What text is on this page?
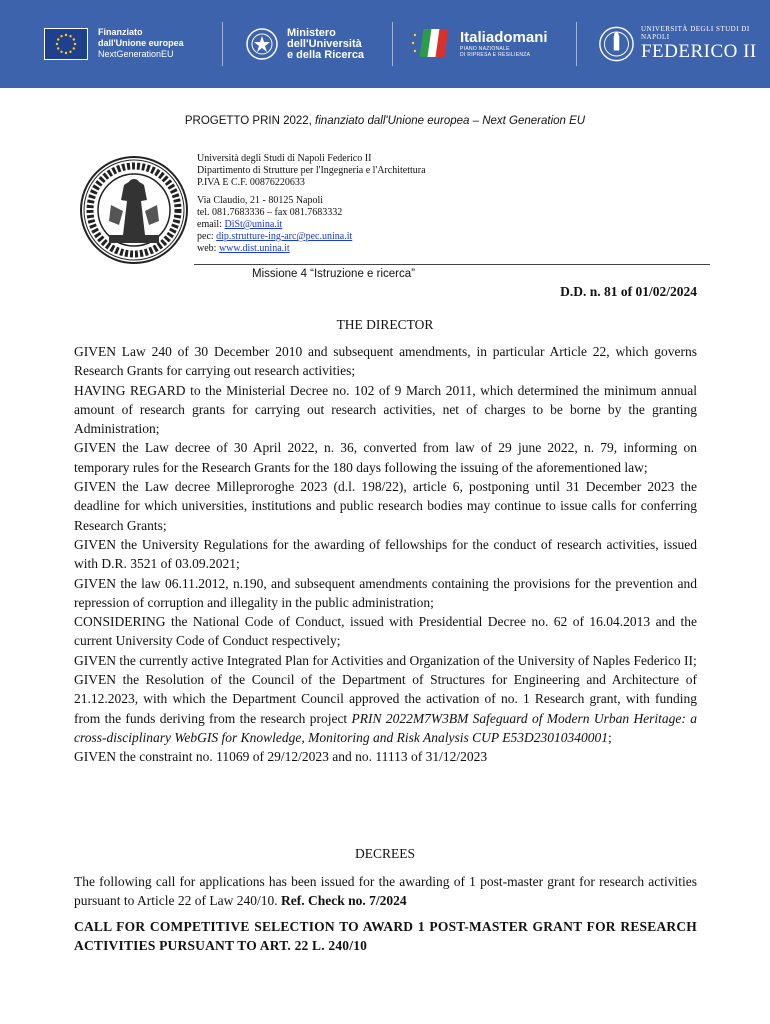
Finanziato
dall'Unione europea
NextGenerationEU
Ministero
dell'Università
e della Ricerca
Italiadomani
PIANO NAZIONALE
DI RIPRESA E RESILIENZA
UNIVERSITÀ DEGLI STUDI DI NAPOLI
FEDERICO II
PROGETTO PRIN 2022, finanziato dall'Unione europea – Next Generation EU
Università degli Studi di Napoli Federico II
Dipartimento di Strutture per l'Ingegneria e l'Architettura
P.IVA E C.F. 00876220633
Via Claudio, 21 - 80125 Napoli
tel. 081.7683336 – fax 081.7683332
email: DiSt@unina.it
pec: dip.strutture-ing-arc@pec.unina.it
web: www.dist.unina.it
Missione 4 “Istruzione e ricerca”
D.D. n. 81 of 01/02/2024
THE DIRECTOR

GIVEN Law 240 of 30 December 2010 and subsequent amendments, in particular Article 22, which governs Research Grants for carrying out research activities;

HAVING REGARD to the Ministerial Decree no. 102 of 9 March 2011, which determined the minimum annual amount of research grants for carrying out research activities, net of charges to be borne by the granting Administration;

GIVEN the Law decree of 30 April 2022, n. 36, converted from law of 29 june 2022, n. 79, informing on temporary rules for the Research Grants for the 180 days following the issuing of the aforementioned law;

GIVEN the Law decree Milleproroghe 2023 (d.l. 198/22), article 6, postponing until 31 December 2023 the deadline for which universities, institutions and public research bodies may continue to issue calls for conferring Research Grants;

GIVEN the University Regulations for the awarding of fellowships for the conduct of research activities, issued with D.R. 3521 of 03.09.2021;

GIVEN the law 06.11.2012, n.190, and subsequent amendments containing the provisions for the prevention and repression of corruption and illegality in the public administration;

CONSIDERING the National Code of Conduct, issued with Presidential Decree no. 62 of 16.04.2013 and the current University Code of Conduct respectively;

GIVEN the currently active Integrated Plan for Activities and Organization of the University of Naples Federico II;

GIVEN the Resolution of the Council of the Department of Structures for Engineering and Architecture of 21.12.2023, with which the Department Council approved the activation of no. 1 Research grant, with funding from the funds deriving from the research project PRIN 2022M7W3BM Safeguard of Modern Urban Heritage: a cross-disciplinary WebGIS for Knowledge, Monitoring and Risk Analysis CUP E53D23010340001;

GIVEN the constraint no. 11069 of 29/12/2023 and no. 11113 of 31/12/2023

DECREES
The following call for applications has been issued for the awarding of 1 post-master grant for research activities pursuant to Article 22 of Law 240/10. Ref. Check no. 7/2024
CALL FOR COMPETITIVE SELECTION TO AWARD 1 POST-MASTER GRANT FOR RESEARCH ACTIVITIES PURSUANT TO ART. 22 L. 240/10
